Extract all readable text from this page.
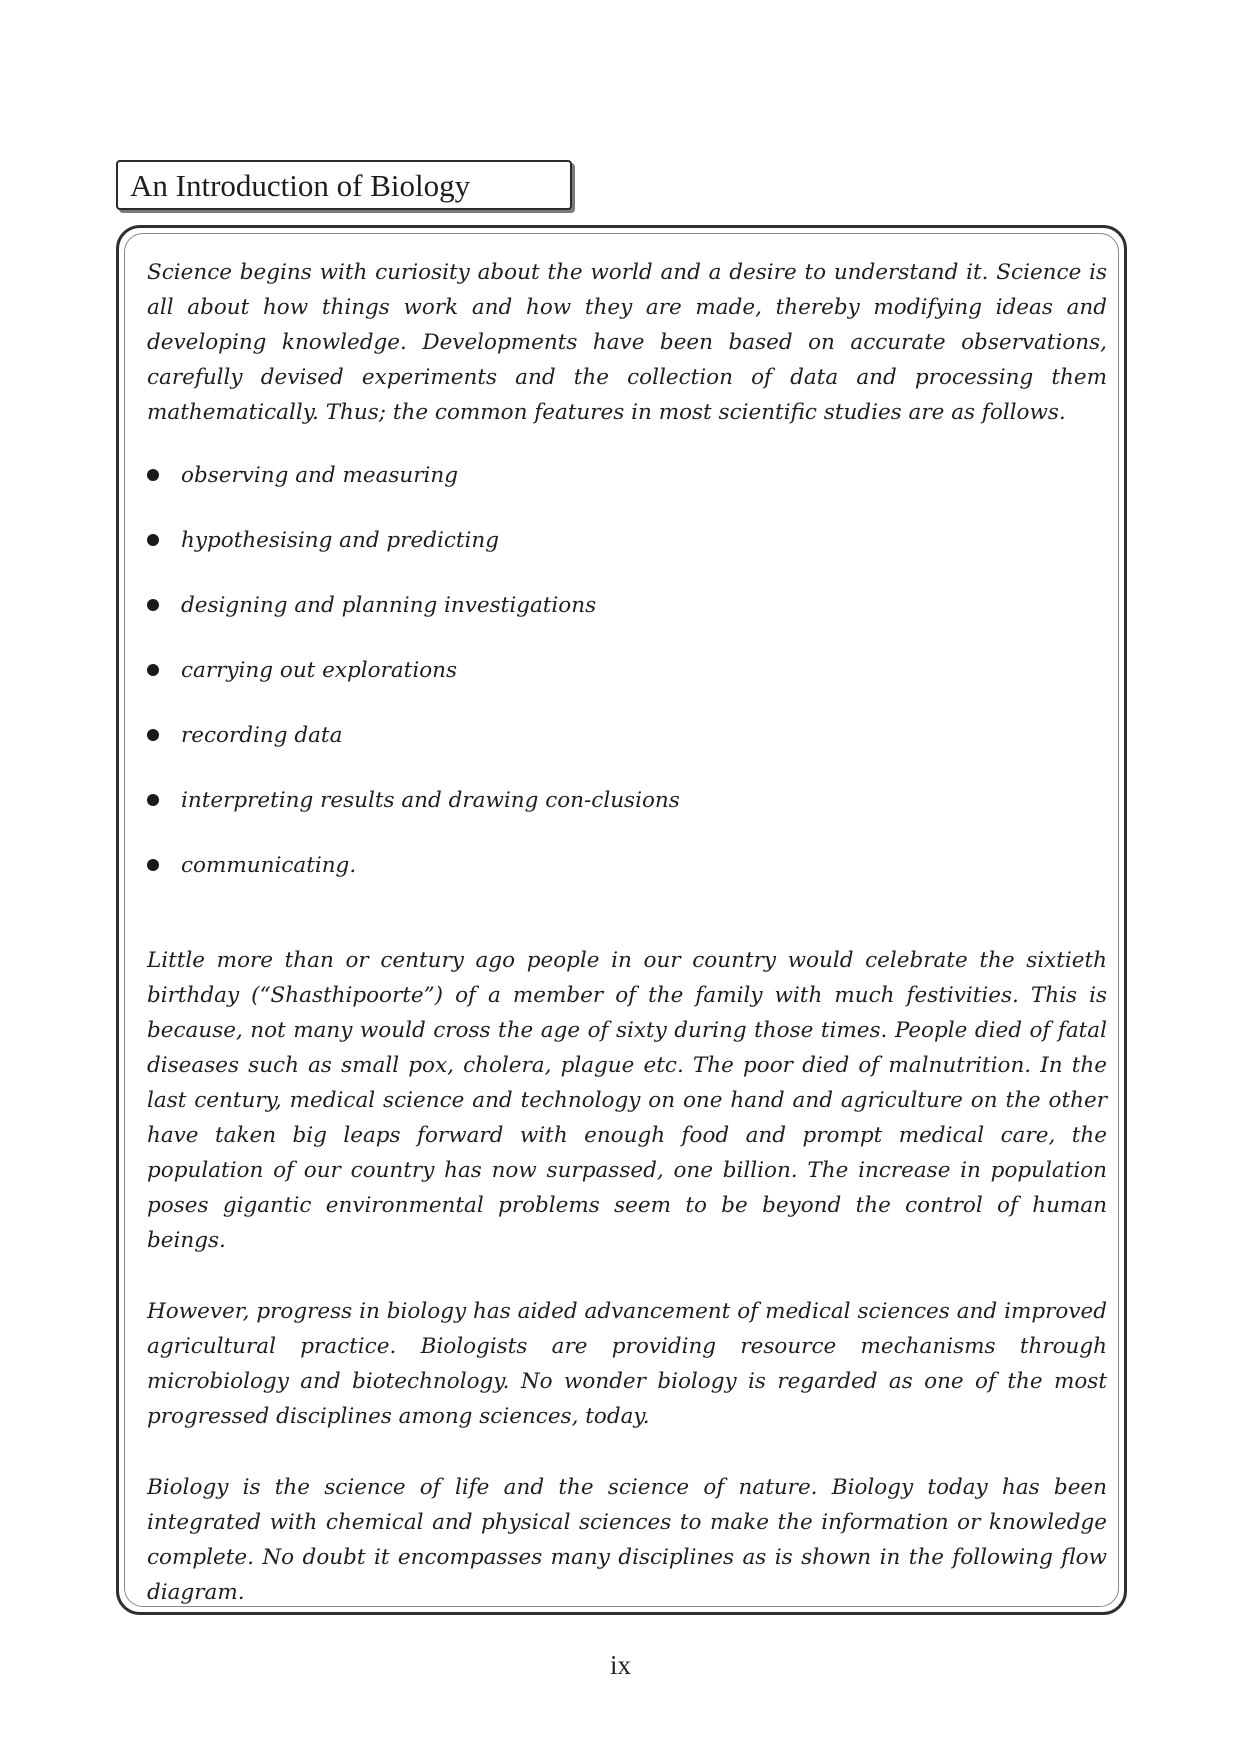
An Introduction of Biology

Science begins with curiosity about the world and a desire to understand it. Science is all about how things work and how they are made, thereby modifying ideas and developing knowledge. Developments have been based on accurate observations, carefully devised experiments and the collection of data and processing them mathematically. Thus; the common features in most scientific studies are as follows.

observing and measuring
hypothesising and predicting
designing and planning investigations
carrying out explorations
recording data
interpreting results and drawing con-clusions
communicating.

Little more than or century ago people in our country would celebrate the sixtieth birthday (“Shasthipoorte”) of a member of the family with much festivities. This is because, not many would cross the age of sixty during those times. People died of fatal diseases such as small pox, cholera, plague etc. The poor died of malnutrition. In the last century, medical science and technology on one hand and agriculture on the other have taken big leaps forward with enough food and prompt medical care, the population of our country has now surpassed, one billion. The increase in population poses gigantic environmental problems seem to be beyond the control of human beings.

However, progress in biology has aided advancement of medical sciences and improved agricultural practice. Biologists are providing resource mechanisms through microbiology and biotechnology. No wonder biology is regarded as one of the most progressed disciplines among sciences, today.

Biology is the science of life and the science of nature. Biology today has been integrated with chemical and physical sciences to make the information or knowledge complete. No doubt it encompasses many disciplines as is shown in the following flow diagram.

ix
